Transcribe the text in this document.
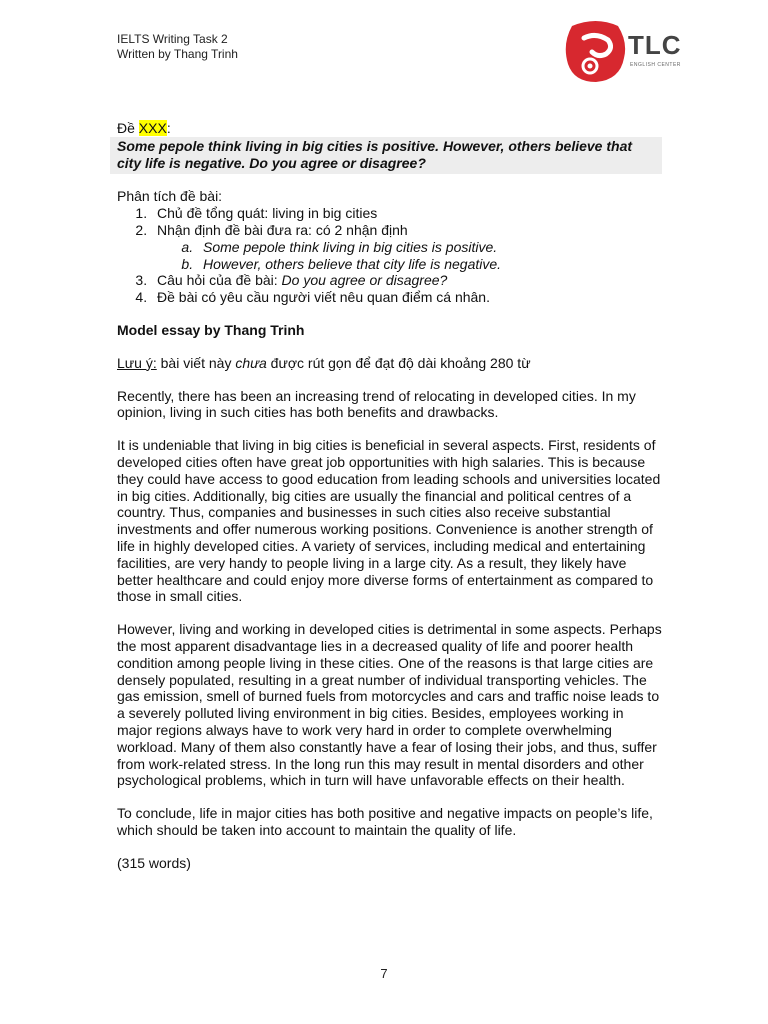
IELTS Writing Task 2
Written by Thang Trinh	TLC
ENGLISH CENTER
Đề XXX:
Some pepole think living in big cities is positive. However, others believe that city life is negative. Do you agree or disagree?
Phân tích đề bài:
1. Chủ đề tổng quát: living in big cities
2. Nhận định đề bài đưa ra: có 2 nhận định
a. Some pepole think living in big cities is positive.
b. However, others believe that city life is negative.
3. Câu hỏi của đề bài: Do you agree or disagree?
4. Đề bài có yêu cầu người viết nêu quan điểm cá nhân.
Model essay by Thang Trinh
Lưu ý: bài viết này chưa được rút gọn để đạt độ dài khoảng 280 từ

Recently, there has been an increasing trend of relocating in developed cities. In my opinion, living in such cities has both benefits and drawbacks.

It is undeniable that living in big cities is beneficial in several aspects. First, residents of developed cities often have great job opportunities with high salaries. This is because they could have access to good education from leading schools and universities located in big cities. Additionally, big cities are usually the financial and political centres of a country. Thus, companies and businesses in such cities also receive substantial investments and offer numerous working positions. Convenience is another strength of life in highly developed cities. A variety of services, including medical and entertaining facilities, are very handy to people living in a large city. As a result, they likely have better healthcare and could enjoy more diverse forms of entertainment as compared to those in small cities.

However, living and working in developed cities is detrimental in some aspects. Perhaps the most apparent disadvantage lies in a decreased quality of life and poorer health condition among people living in these cities. One of the reasons is that large cities are densely populated, resulting in a great number of individual transporting vehicles. The gas emission, smell of burned fuels from motorcycles and cars and traffic noise leads to a severely polluted living environment in big cities. Besides, employees working in major regions always have to work very hard in order to complete overwhelming workload. Many of them also constantly have a fear of losing their jobs, and thus, suffer from work-related stress. In the long run this may result in mental disorders and other psychological problems, which in turn will have unfavorable effects on their health.

To conclude, life in major cities has both positive and negative impacts on people’s life, which should be taken into account to maintain the quality of life.

(315 words)

7
